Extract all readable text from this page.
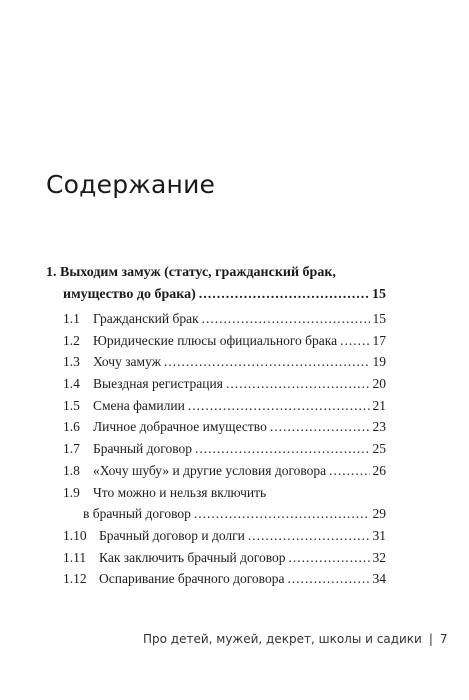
Содержание
1. Выходим замуж (статус, гражданский брак,
имущество до брака) .....	15
1.1 Гражданский брак .....	15
1.2 Юридические плюсы официального брака .....	17
1.3 Хочу замуж .....	19
1.4 Выездная регистрация .....	20
1.5 Смена фамилии .....	21
1.6 Личное добрачное имущество .....	23
1.7 Брачный договор .....	25
1.8 «Хочу шубу» и другие условия договора .....	26
1.9 Что можно и нельзя включить
в брачный договор .....	29
1.10 Брачный договор и долги .....	31
1.11 Как заключить брачный договор .....	32
1.12 Оспаривание брачного договора .....	34
Про детей, мужей, декрет, школы и садики | 7
